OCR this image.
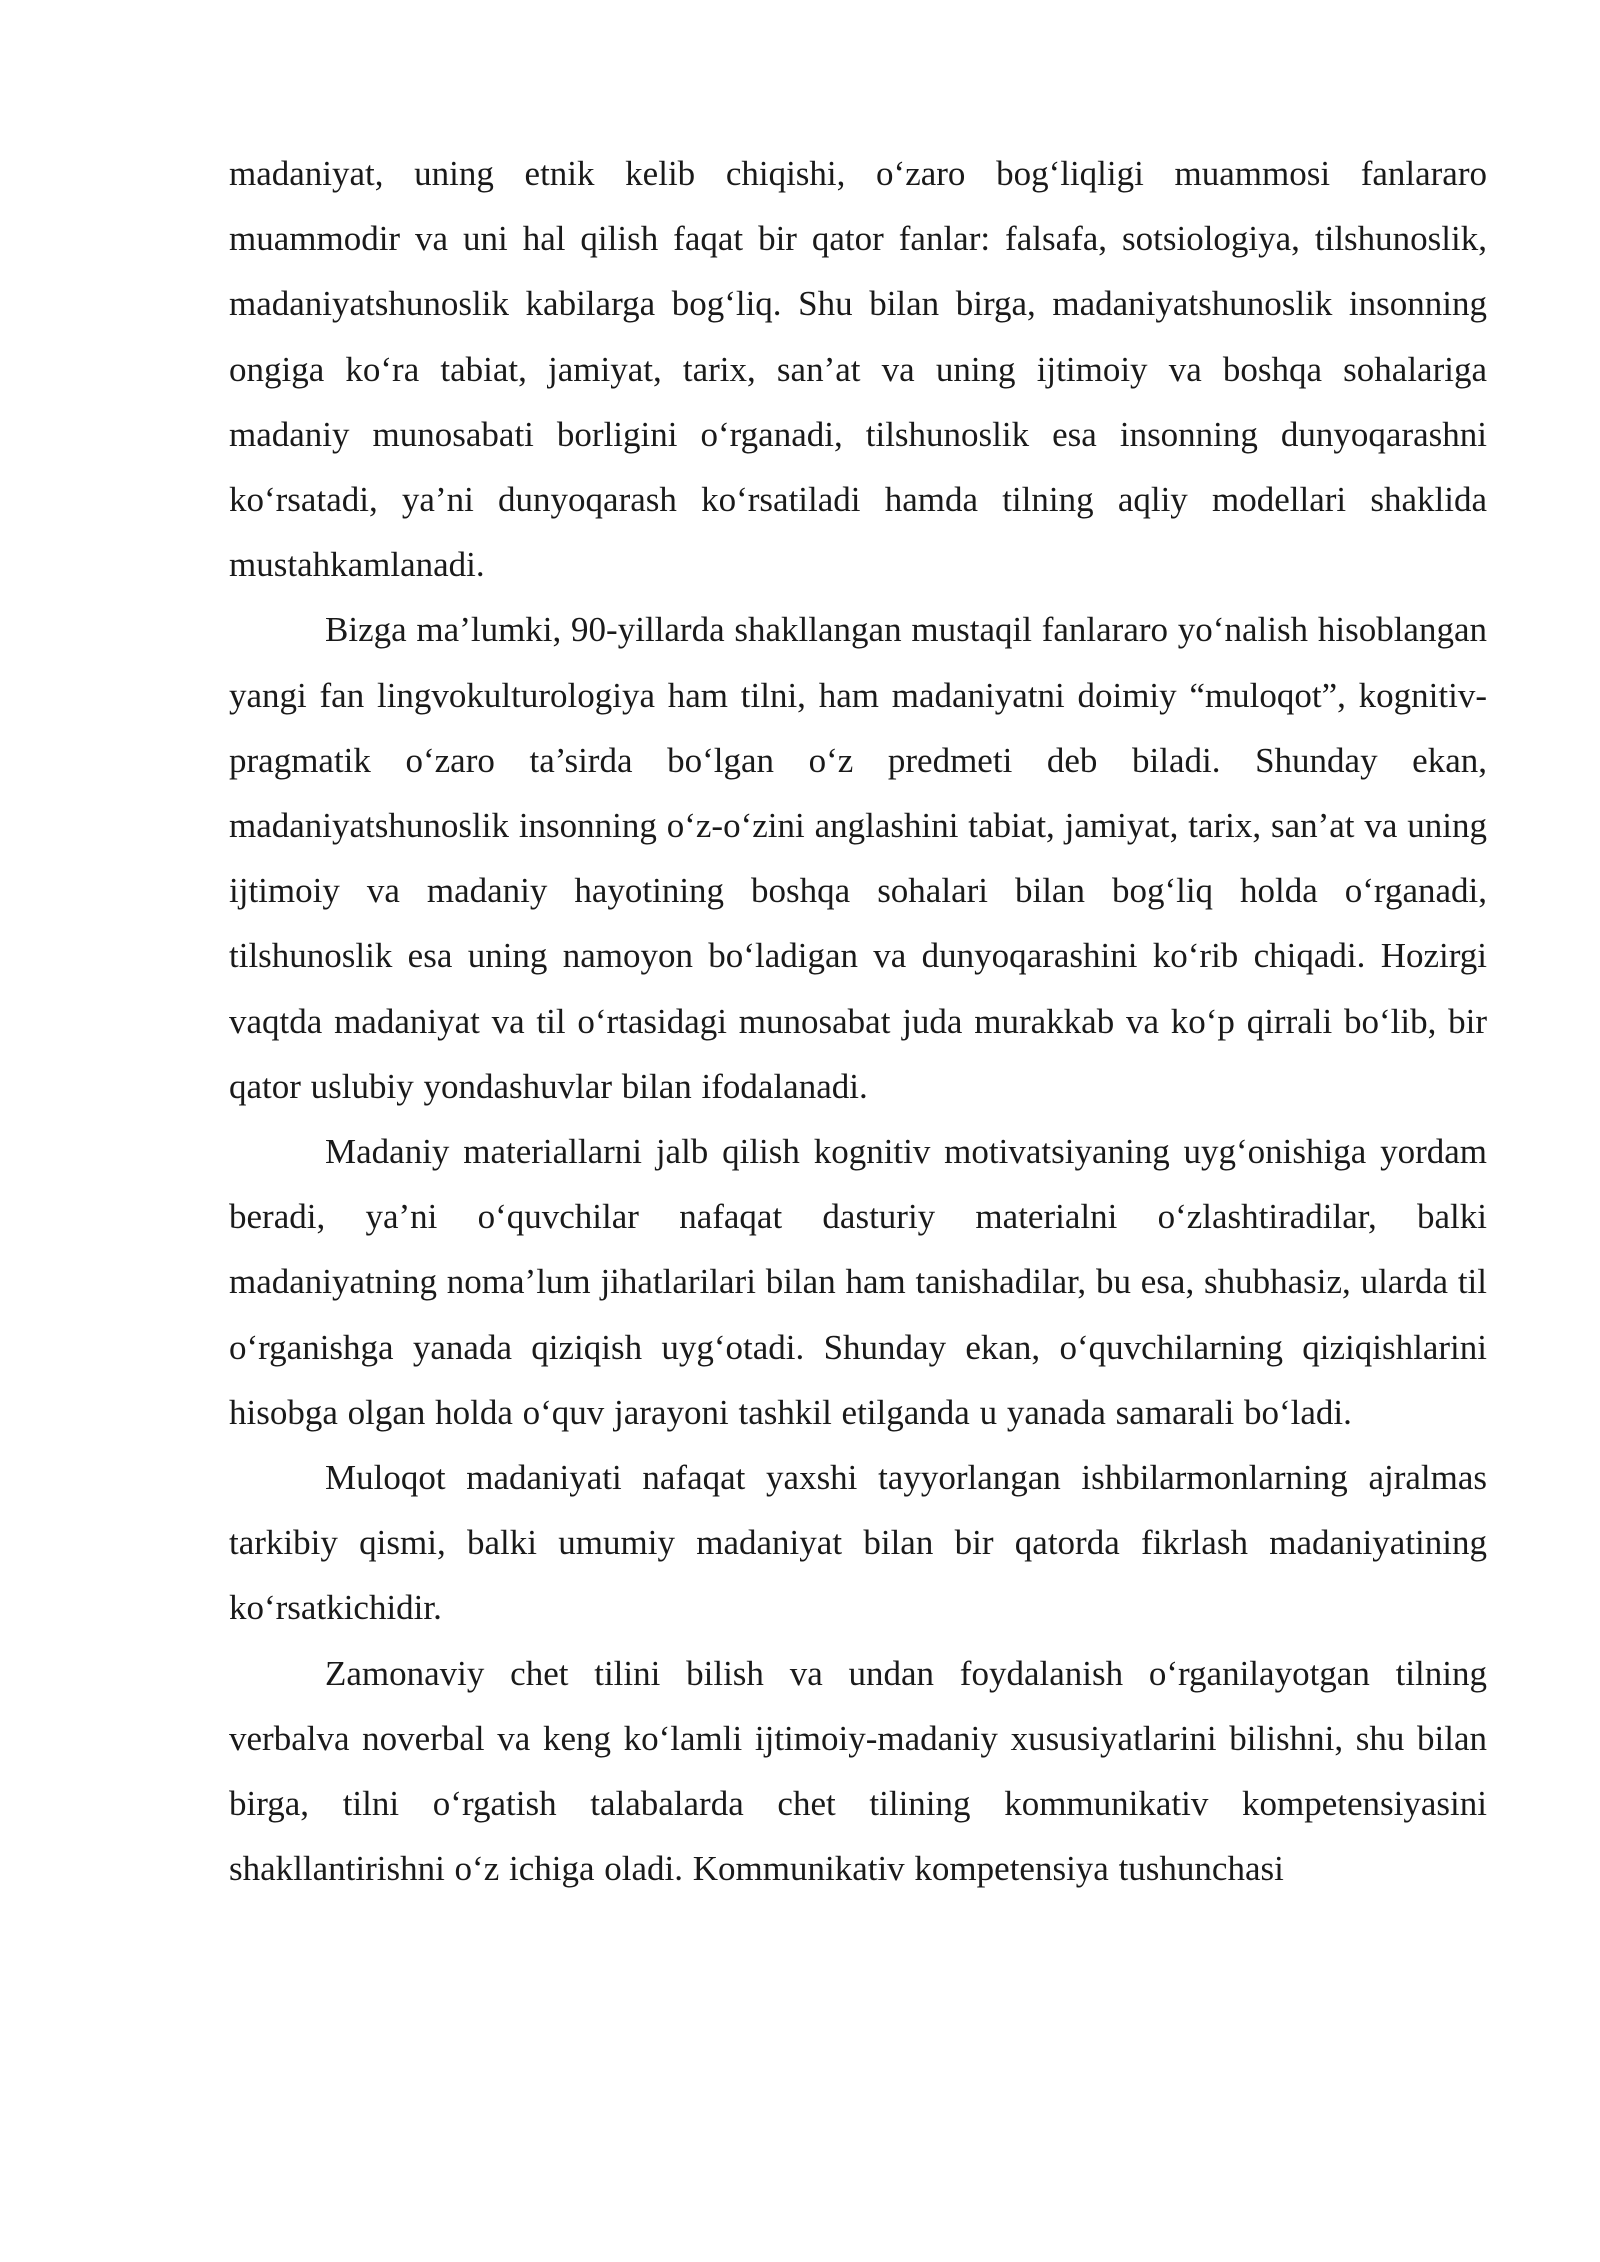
madaniyat, uning etnik kelib chiqishi, o‘zaro bog‘liqligi muammosi fanlararo muammodir va uni hal qilish faqat bir qator fanlar: falsafa, sotsiologiya, tilshunoslik, madaniyatshunoslik kabilarga bog‘liq. Shu bilan birga, madaniyatshunoslik insonning ongiga ko‘ra tabiat, jamiyat, tarix, san’at va uning ijtimoiy va boshqa sohalariga madaniy munosabati borligini o‘rganadi, tilshunoslik esa insonning dunyoqarashni ko‘rsatadi, ya’ni dunyoqarash ko‘rsatiladi hamda tilning aqliy modellari shaklida mustahkamlanadi.

Bizga ma’lumki, 90-yillarda shakllangan mustaqil fanlararo yo‘nalish hisoblangan yangi fan lingvokulturologiya ham tilni, ham madaniyatni doimiy “muloqot”, kognitiv-pragmatik o‘zaro ta’sirda bo‘lgan o‘z predmeti deb biladi. Shunday ekan, madaniyatshunoslik insonning o‘z-o‘zini anglashini tabiat, jamiyat, tarix, san’at va uning ijtimoiy va madaniy hayotining boshqa sohalari bilan bog‘liq holda o‘rganadi, tilshunoslik esa uning namoyon bo‘ladigan va dunyoqarashini ko‘rib chiqadi. Hozirgi vaqtda madaniyat va til o‘rtasidagi munosabat juda murakkab va ko‘p qirrali bo‘lib, bir qator uslubiy yondashuvlar bilan ifodalanadi.

Madaniy materiallarni jalb qilish kognitiv motivatsiyaning uyg‘onishiga yordam beradi, ya’ni o‘quvchilar nafaqat dasturiy materialni o‘zlashtiradilar, balki madaniyatning noma’lum jihatlarilari bilan ham tanishadilar, bu esa, shubhasiz, ularda til o‘rganishga yanada qiziqish uyg‘otadi. Shunday ekan, o‘quvchilarning qiziqishlarini hisobga olgan holda o‘quv jarayoni tashkil etilganda u yanada samarali bo‘ladi.

Muloqot madaniyati nafaqat yaxshi tayyorlangan ishbilarmonlarning ajralmas tarkibiy qismi, balki umumiy madaniyat bilan bir qatorda fikrlash madaniyatining ko‘rsatkichidir.

Zamonaviy chet tilini bilish va undan foydalanish o‘rganilayotgan tilning verbalva noverbal va keng ko‘lamli ijtimoiy-madaniy xususiyatlarini bilishni, shu bilan birga, tilni o‘rgatish talabalarda chet tilining kommunikativ kompetensiyasini shakllantirishni o‘z ichiga oladi. Kommunikativ kompetensiya tushunchasi
